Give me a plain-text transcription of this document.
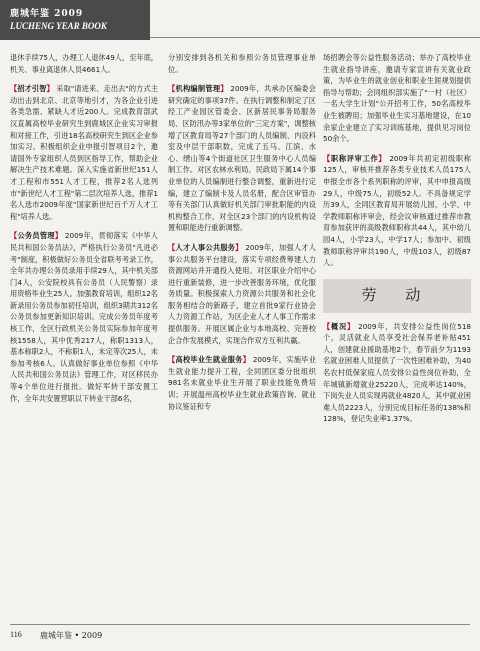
鹿城年鉴 2009
LUCHENG YEAR BOOK

退休手续75人，办理工人退休49人，至年底，机关、事业离退休人员4661人。

【招才引智】 采取"请进来、走出去"的方式主动出击到北京、北京等地引才，为各企业引进各类急需、紧缺人才近200人。完成教育部武汉直属高校毕业研究生到鹿城区企业实习审报和对接工作，引进18名高校研究生到区企业参加实习。积极组织企业申报引智项目2个，邀请国外专家组织人员到区指导工作，帮助企业解决生产技术难题。深入实施省新世纪151人才工程和市551人才工程，推荐2名人选列市"新世纪人才工程"第二层次培养人选，推荐1名人选市2009年度"国家新世纪百千万人才工程"培养人选。

【公务员管理】 2009年，贯彻落实《中华人民共和国公务员法》，严格执行公务员"凡进必考"制度，积极做好公务员全省联考考录工作，全年共办理公务员录用手续29人，其中机关部门4人，公安院校具有公务员（人民警察）录用资格毕业生25人。加强教育培训，组织12名新录用公务员参加初任培训，组织3期共312名公务员参加更新知识培训。完成公务员年度考核工作，全区行政机关公务员实际参加年度考核1558人，其中优秀217人，称职1313人，基本称职2人，不称职1人，未定等次25人，未参加考核6人。认真做好事业单位参照《中华人民共和国公务员法》管理工作，对区移民办等4个单位进行报批。做好军转干部安置工作，全年共安置营职以下转业干部6名，

分别安排到各机关和参照公务员管理事业单位。

【机构编制管理】 2009年，共承办区编委会研究确定的事项37件。在执行调整和制定了区经工产业园区管委会、区新居民事务局服务局、区防汛办等3家单位的"三定方案"，调整核增了区教育局等27个部门的人员编制、内设科室及中层干部职数，完成了五马、江滨、水心、缙山等4个街道社区卫生服务中心人员编制工作。对区农林水利局、民政局下属14个事业单位的人员编制进行整合调整，重新进行定编，建立了编制卡及人员名册，配合区审管办等有关部门认真做好机关部门审批职能的内设机构整合工作，对全区23个部门的内设机构设置和职能进行重新调整。

【人才人事公共服务】 2009年，加强人才人事公共服务平台建设，落实专项经费筹建人力资源网站并开通投入使用。对区职业介绍中心进行重新装修，进一步改善服务环境，优化服务质量。积极探索人力资源公共服务和社会化服务相结合的新路子，建立首批9家行业协会人力资源工作站，为区企业人才人事工作需求提供服务。开展区属企业与本地高校、完善校企合作发展模式，实现合作双方互利共赢。

【高校毕业生就业服务】 2009年，实施毕业生就业能力提升工程，全同团区委分批组织981名未就业毕业生开展了职业技能免费培训；开展温州高校毕业生就业政策咨询、就业协议鉴证和专

场招聘会等公益性服务活动；举办了高校毕业生就业指导讲座，邀请专家宣讲有关就业政策，为毕业生的就业创业和职业生涯规划提供指导与帮助；会同组织部实施了"一村（社区）一名大学生计划"公开招考工作，50名高校毕业生被聘用；加强毕业生实习基地建设，在10余家企业建立了实习训练基地，提供见习岗位50余个。

【职称评审工作】 2009年共初定初级职称125人，审核并推荐各类专业技术人员175人申报全市各个系列职称的评审，其中申报高级29人，中级75人，初级52人。不具备规定学历39人，全同区教育局开展幼儿园、小学、中学教师职称评审会，经会议审核通过推荐市教育参加获评的高级教师职称共44人，其中幼儿园4人，小学23人，中学17人；参加中、初级教师职称评审共190人，中级103人，初级87人。

劳 动

【概况】 2009年，共安排公益性岗位518个，灵活就业人员享受社会保养老补贴451人，创建就业援助基地2个，春节前夕为1193名就业困难人员提供了一次性困难补助，为40名农村低保家庭人员安排公益性岗位补助，全年城镇新增就业25220人，完成率达140%，下岗失业人员实现再就业4820人，其中就业困难人员2223人，分别完成目标任务的138%和128%，登记失业率1.37%。

116 鹿城年鉴 • 2009
